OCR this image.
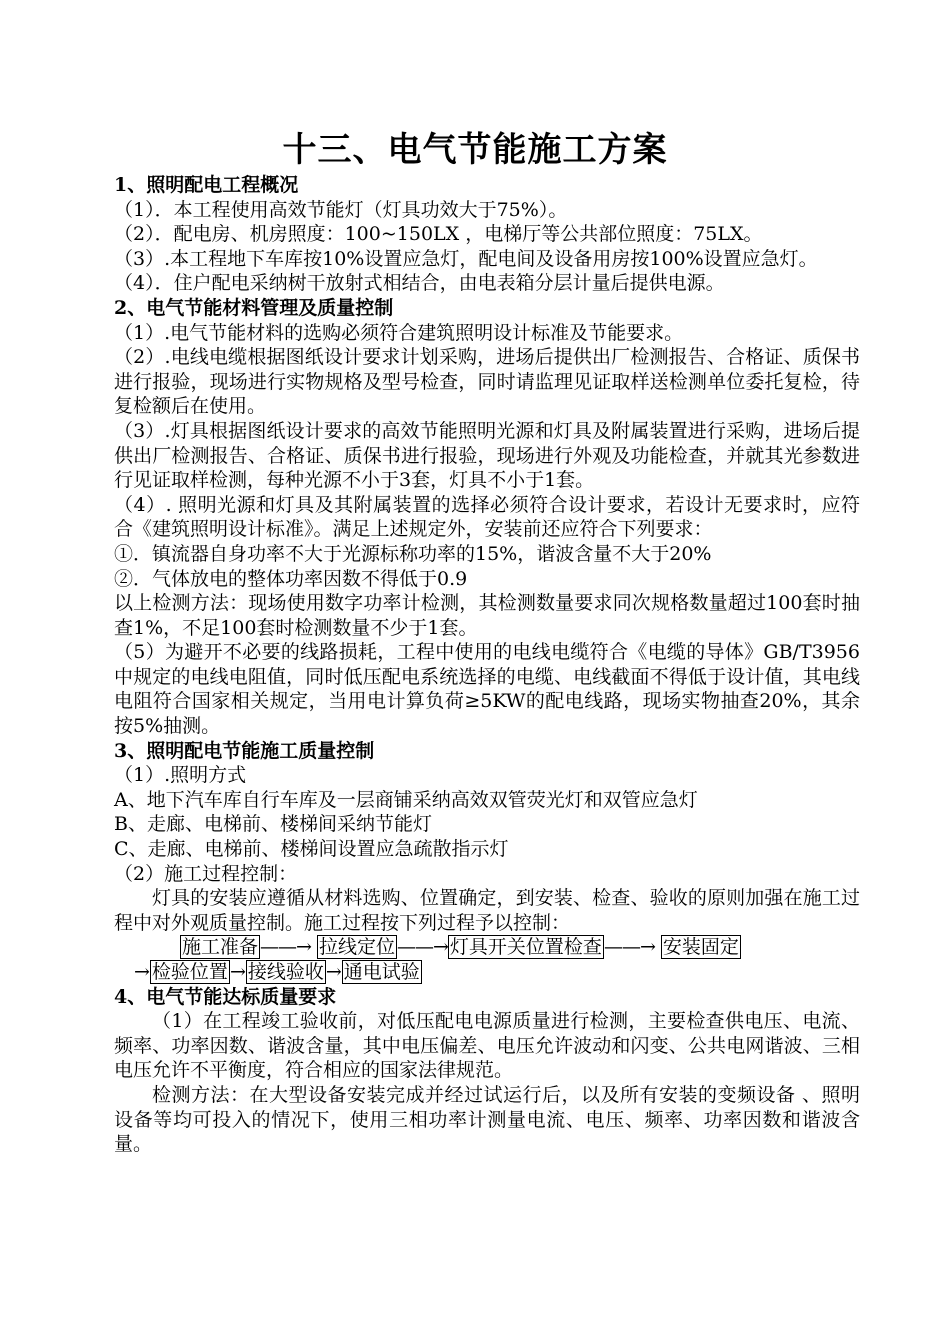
十三、电气节能施工方案

1、照明配电工程概况

（1）．本工程使用高效节能灯（灯具功效大于75%）。

（2）．配电房、机房照度：100~150LX ，电梯厅等公共部位照度：75LX。

（3）.本工程地下车库按10%设置应急灯，配电间及设备用房按100%设置应急灯。

（4）．住户配电采纳树干放射式相结合，由电表箱分层计量后提供电源。

2、电气节能材料管理及质量控制

（1）.电气节能材料的选购必须符合建筑照明设计标准及节能要求。

（2）.电线电缆根据图纸设计要求计划采购，进场后提供出厂检测报告、合格证、质保书进行报验，现场进行实物规格及型号检查，同时请监理见证取样送检测单位委托复检，待复检额后在使用。

（3）.灯具根据图纸设计要求的高效节能照明光源和灯具及附属装置进行采购，进场后提供出厂检测报告、合格证、质保书进行报验，现场进行外观及功能检查，并就其光参数进行见证取样检测，每种光源不小于3套，灯具不小于1套。

（4）. 照明光源和灯具及其附属装置的选择必须符合设计要求，若设计无要求时，应符合《建筑照明设计标准》。满足上述规定外，安装前还应符合下列要求：

①．镇流器自身功率不大于光源标称功率的15%，谐波含量不大于20%

②．气体放电的整体功率因数不得低于0.9

以上检测方法：现场使用数字功率计检测，其检测数量要求同次规格数量超过100套时抽查1%，不足100套时检测数量不少于1套。

（5）为避开不必要的线路损耗，工程中使用的电线电缆符合《电缆的导体》GB/T3956中规定的电线电阻值，同时低压配电系统选择的电缆、电线截面不得低于设计值，其电线电阻符合国家相关规定，当用电计算负荷≥5KW的配电线路，现场实物抽查20%，其余按5%抽测。

3、照明配电节能施工质量控制

（1）.照明方式

A、地下汽车库自行车库及一层商铺采纳高效双管荧光灯和双管应急灯

B、走廊、电梯前、楼梯间采纳节能灯

C、走廊、电梯前、楼梯间设置应急疏散指示灯

（2）施工过程控制：

灯具的安装应遵循从材料选购、位置确定，到安装、检查、验收的原则加强在施工过程中对外观质量控制。施工过程按下列过程予以控制：

施工准备 ——→ 拉线定位 ——→ 灯具开关位置检查 ——→ 安装固定
→ 检验位置 → 接线验收 → 通电试验

4、电气节能达标质量要求

（1）在工程竣工验收前，对低压配电电源质量进行检测，主要检查供电压、电流、频率、功率因数、谐波含量，其中电压偏差、电压允许波动和闪变、公共电网谐波、三相电压允许不平衡度，符合相应的国家法律规范。

检测方法：在大型设备安装完成并经过试运行后，以及所有安装的变频设备 、照明设备等均可投入的情况下，使用三相功率计测量电流、电压、频率、功率因数和谐波含量。
